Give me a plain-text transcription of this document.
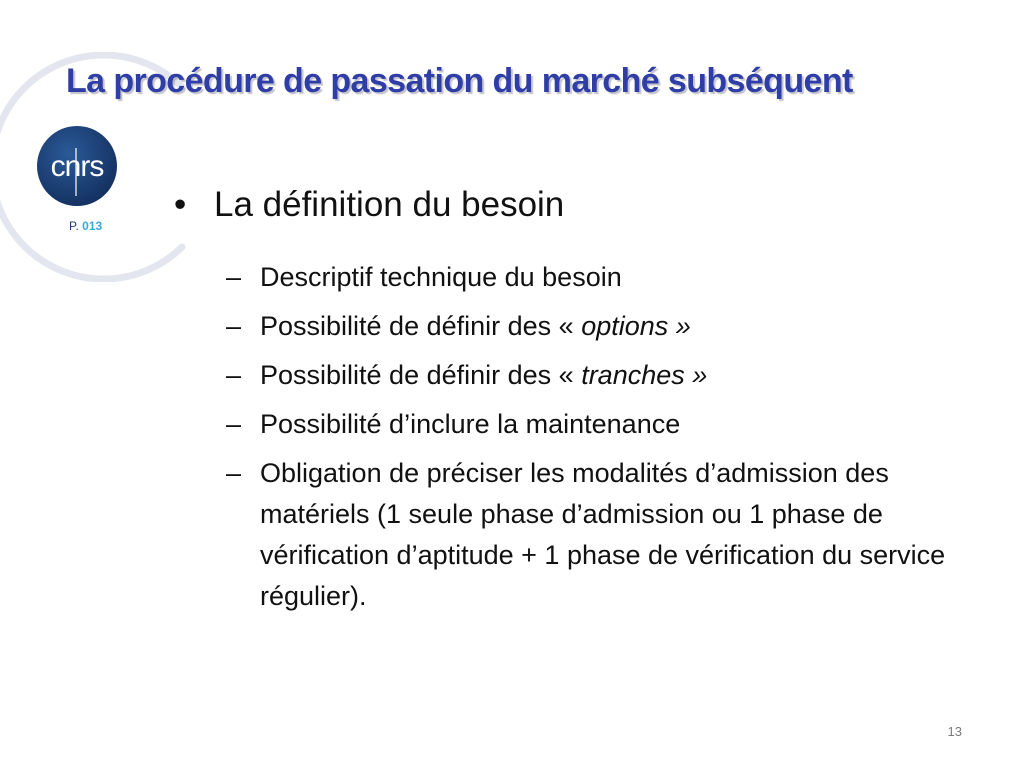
La procédure de passation du marché subséquent
cnrs
P. 013
• La définition du besoin
– Descriptif technique du besoin
– Possibilité de définir des « options »
– Possibilité de définir des « tranches »
– Possibilité d’inclure la maintenance
– Obligation de préciser les modalités d’admission des matériels (1 seule phase d’admission ou 1 phase de vérification d’aptitude + 1 phase de vérification du service régulier).
13
